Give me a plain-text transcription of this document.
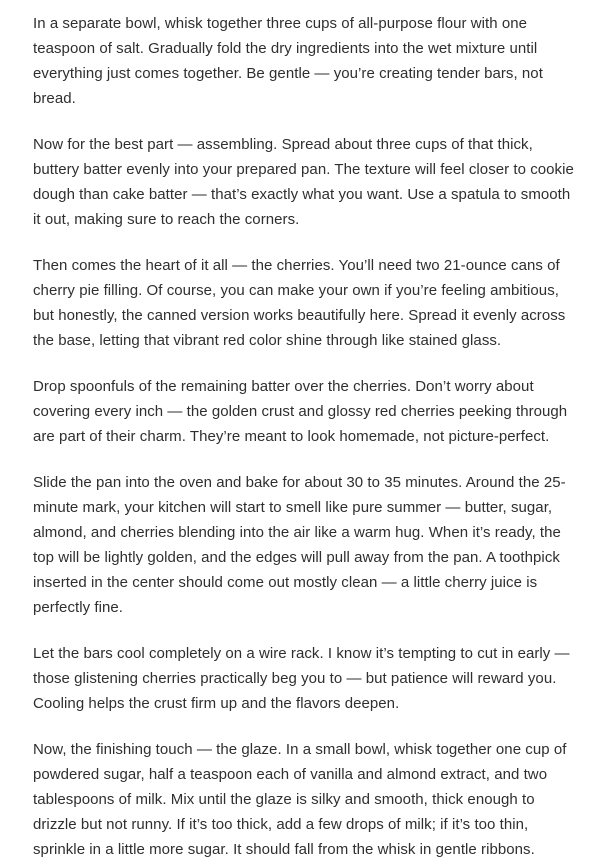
In a separate bowl, whisk together three cups of all-purpose flour with one teaspoon of salt. Gradually fold the dry ingredients into the wet mixture until everything just comes together. Be gentle — you’re creating tender bars, not bread.

Now for the best part — assembling. Spread about three cups of that thick, buttery batter evenly into your prepared pan. The texture will feel closer to cookie dough than cake batter — that’s exactly what you want. Use a spatula to smooth it out, making sure to reach the corners.

Then comes the heart of it all — the cherries. You’ll need two 21-ounce cans of cherry pie filling. Of course, you can make your own if you’re feeling ambitious, but honestly, the canned version works beautifully here. Spread it evenly across the base, letting that vibrant red color shine through like stained glass.

Drop spoonfuls of the remaining batter over the cherries. Don’t worry about covering every inch — the golden crust and glossy red cherries peeking through are part of their charm. They’re meant to look homemade, not picture-perfect.

Slide the pan into the oven and bake for about 30 to 35 minutes. Around the 25-minute mark, your kitchen will start to smell like pure summer — butter, sugar, almond, and cherries blending into the air like a warm hug. When it’s ready, the top will be lightly golden, and the edges will pull away from the pan. A toothpick inserted in the center should come out mostly clean — a little cherry juice is perfectly fine.

Let the bars cool completely on a wire rack. I know it’s tempting to cut in early — those glistening cherries practically beg you to — but patience will reward you. Cooling helps the crust firm up and the flavors deepen.

Now, the finishing touch — the glaze. In a small bowl, whisk together one cup of powdered sugar, half a teaspoon each of vanilla and almond extract, and two tablespoons of milk. Mix until the glaze is silky and smooth, thick enough to drizzle but not runny. If it’s too thick, add a few drops of milk; if it’s too thin, sprinkle in a little more sugar. It should fall from the whisk in gentle ribbons.
